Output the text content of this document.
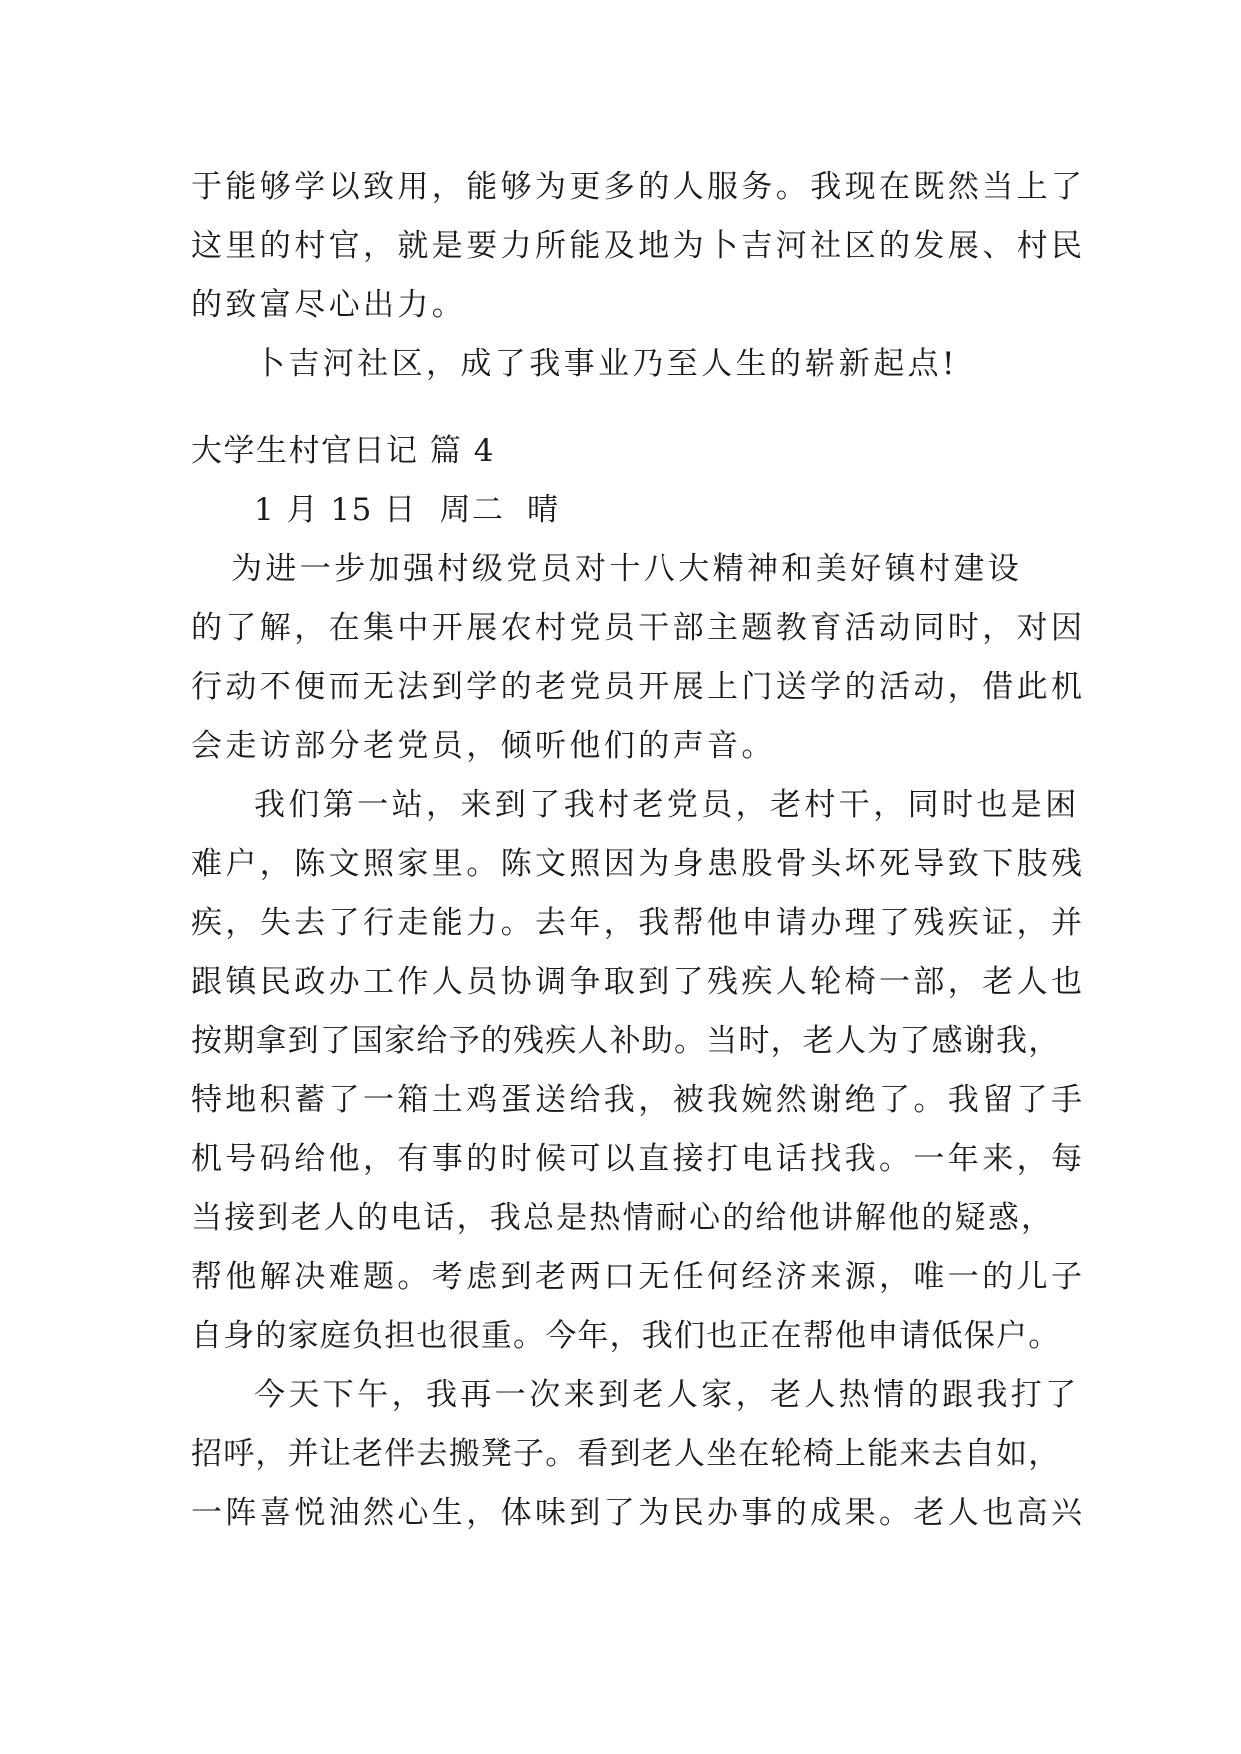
于能够学以致用，能够为更多的人服务。我现在既然当上了
这里的村官，就是要力所能及地为卜吉河社区的发展、村民
的致富尽心出力。
卜吉河社区，成了我事业乃至人生的崭新起点!
大学生村官日记 篇 4
1 月 15 日  周二  晴
为进一步加强村级党员对十八大精神和美好镇村建设
的了解，在集中开展农村党员干部主题教育活动同时，对因
行动不便而无法到学的老党员开展上门送学的活动，借此机
会走访部分老党员，倾听他们的声音。
我们第一站，来到了我村老党员，老村干，同时也是困
难户，陈文照家里。陈文照因为身患股骨头坏死导致下肢残
疾，失去了行走能力。去年，我帮他申请办理了残疾证，并
跟镇民政办工作人员协调争取到了残疾人轮椅一部，老人也
按期拿到了国家给予的残疾人补助。当时，老人为了感谢我，
特地积蓄了一箱土鸡蛋送给我，被我婉然谢绝了。我留了手
机号码给他，有事的时候可以直接打电话找我。一年来，每
当接到老人的电话，我总是热情耐心的给他讲解他的疑惑，
帮他解决难题。考虑到老两口无任何经济来源，唯一的儿子
自身的家庭负担也很重。今年，我们也正在帮他申请低保户。
今天下午，我再一次来到老人家，老人热情的跟我打了
招呼，并让老伴去搬凳子。看到老人坐在轮椅上能来去自如，
一阵喜悦油然心生，体味到了为民办事的成果。老人也高兴
